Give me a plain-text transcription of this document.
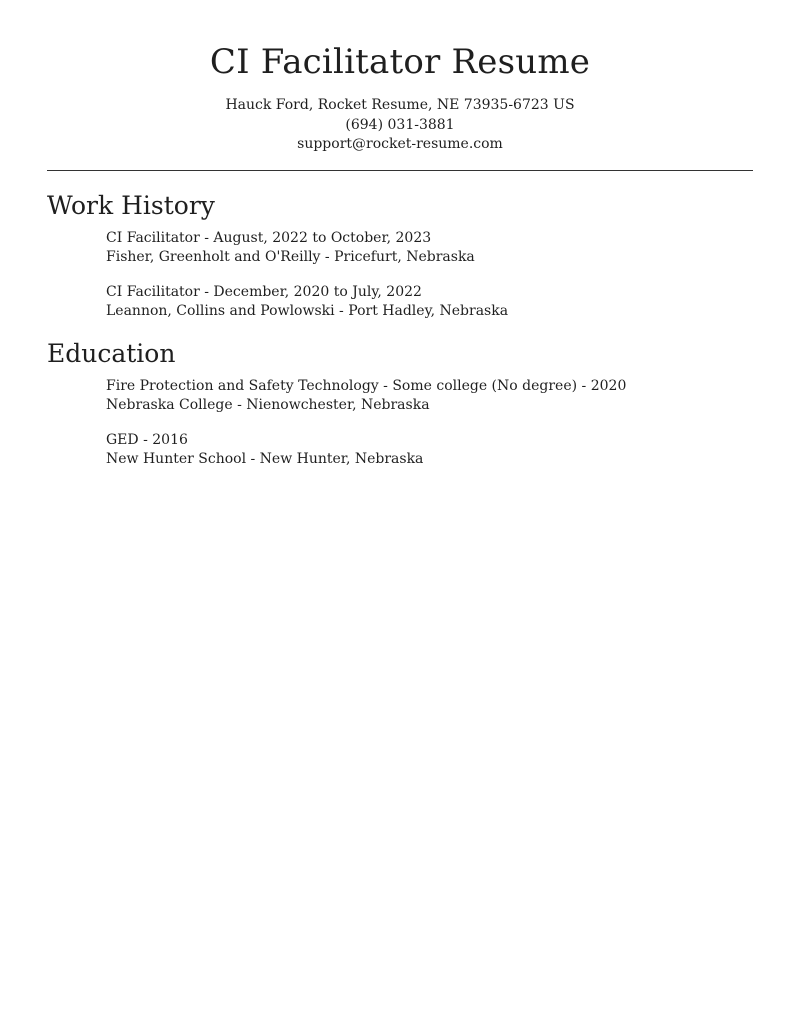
CI Facilitator Resume
Hauck Ford, Rocket Resume, NE 73935-6723 US
(694) 031-3881
support@rocket-resume.com
Work History
CI Facilitator - August, 2022 to October, 2023
Fisher, Greenholt and O'Reilly - Pricefurt, Nebraska
CI Facilitator - December, 2020 to July, 2022
Leannon, Collins and Powlowski - Port Hadley, Nebraska
Education
Fire Protection and Safety Technology - Some college (No degree) - 2020
Nebraska College - Nienowchester, Nebraska
GED - 2016
New Hunter School - New Hunter, Nebraska
